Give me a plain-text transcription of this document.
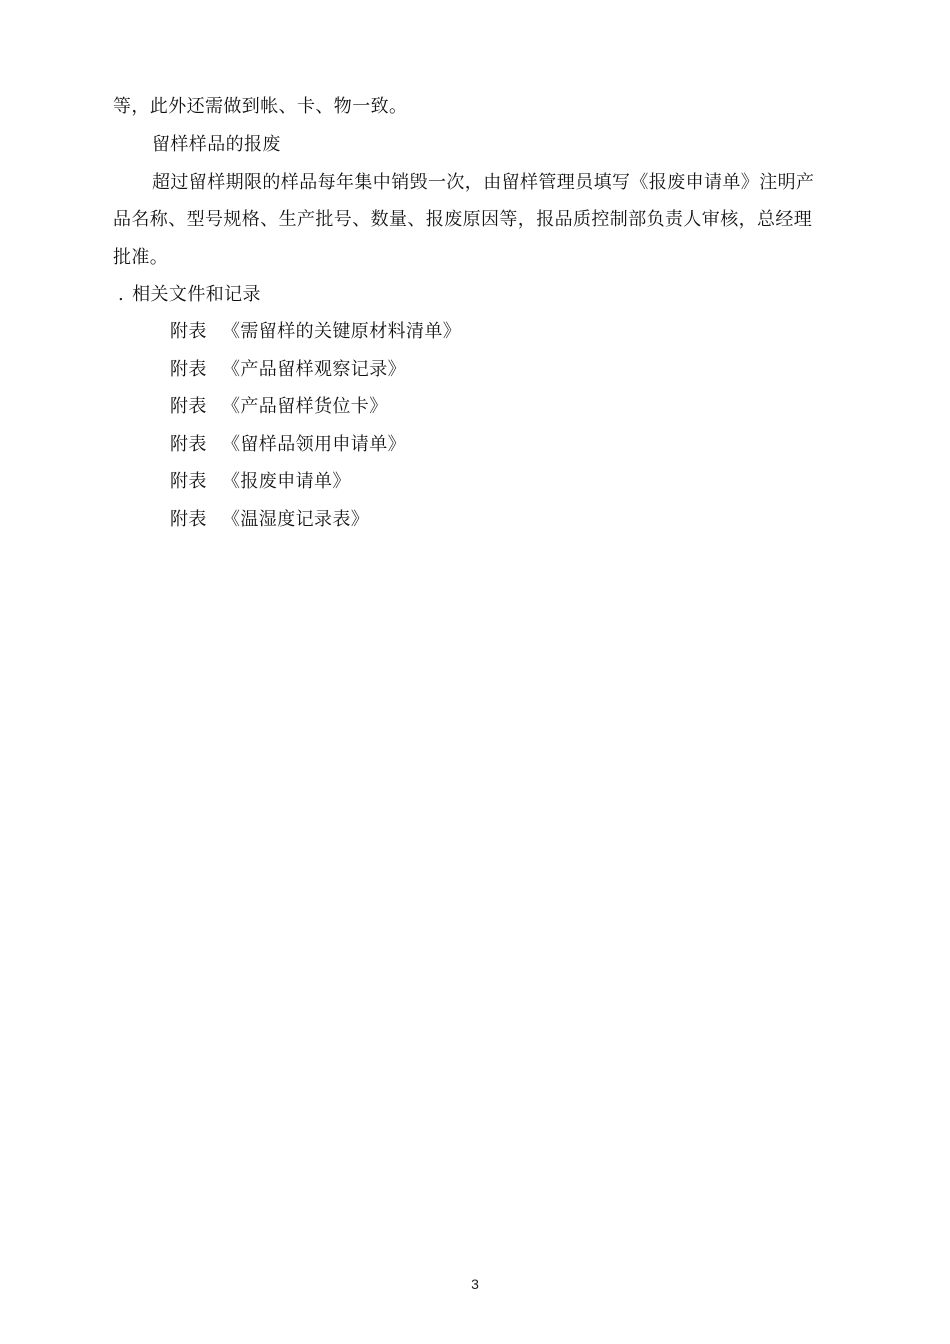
等，此外还需做到帐、卡、物一致。
留样样品的报废
超过留样期限的样品每年集中销毁一次，由留样管理员填写《报废申请单》注明产
品名称、型号规格、生产批号、数量、报废原因等，报品质控制部负责人审核，总经理
批准。
. 相关文件和记录
附表 《需留样的关键原材料清单》
附表 《产品留样观察记录》
附表 《产品留样货位卡》
附表 《留样品领用申请单》
附表 《报废申请单》
附表 《温湿度记录表》
3
